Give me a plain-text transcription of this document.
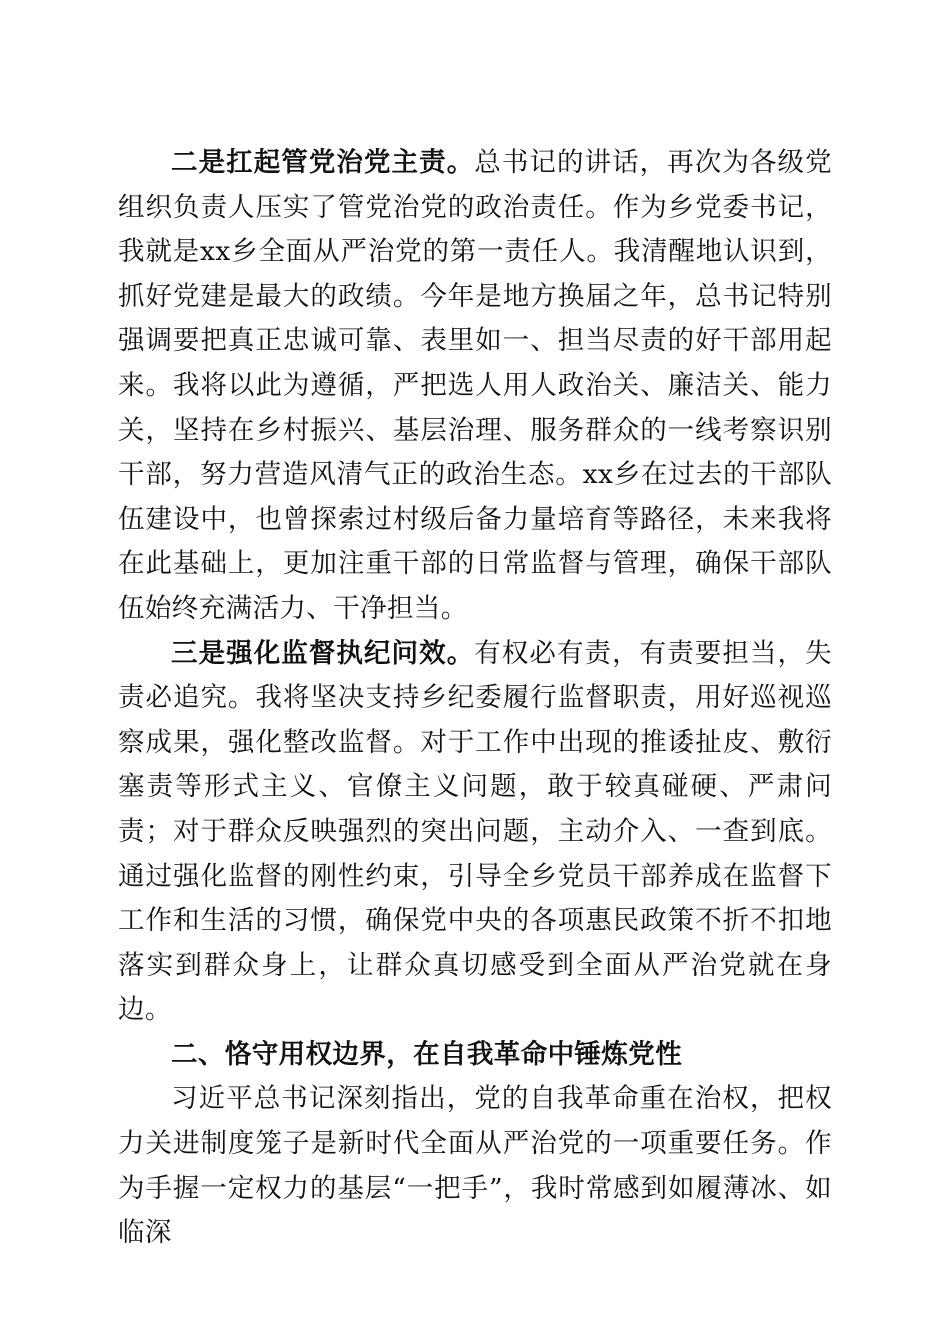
二是扛起管党治党主责。总书记的讲话，再次为各级党组织负责人压实了管党治党的政治责任。作为乡党委书记，我就是xx乡全面从严治党的第一责任人。我清醒地认识到，抓好党建是最大的政绩。今年是地方换届之年，总书记特别强调要把真正忠诚可靠、表里如一、担当尽责的好干部用起来。我将以此为遵循，严把选人用人政治关、廉洁关、能力关，坚持在乡村振兴、基层治理、服务群众的一线考察识别干部，努力营造风清气正的政治生态。xx乡在过去的干部队伍建设中，也曾探索过村级后备力量培育等路径，未来我将在此基础上，更加注重干部的日常监督与管理，确保干部队伍始终充满活力、干净担当。

三是强化监督执纪问效。有权必有责，有责要担当，失责必追究。我将坚决支持乡纪委履行监督职责，用好巡视巡察成果，强化整改监督。对于工作中出现的推诿扯皮、敷衍塞责等形式主义、官僚主义问题，敢于较真碰硬、严肃问责；对于群众反映强烈的突出问题，主动介入、一查到底。通过强化监督的刚性约束，引导全乡党员干部养成在监督下工作和生活的习惯，确保党中央的各项惠民政策不折不扣地落实到群众身上，让群众真切感受到全面从严治党就在身边。

二、恪守用权边界，在自我革命中锤炼党性

习近平总书记深刻指出，党的自我革命重在治权，把权力关进制度笼子是新时代全面从严治党的一项重要任务。作为手握一定权力的基层“一把手”，我时常感到如履薄冰、如临深
